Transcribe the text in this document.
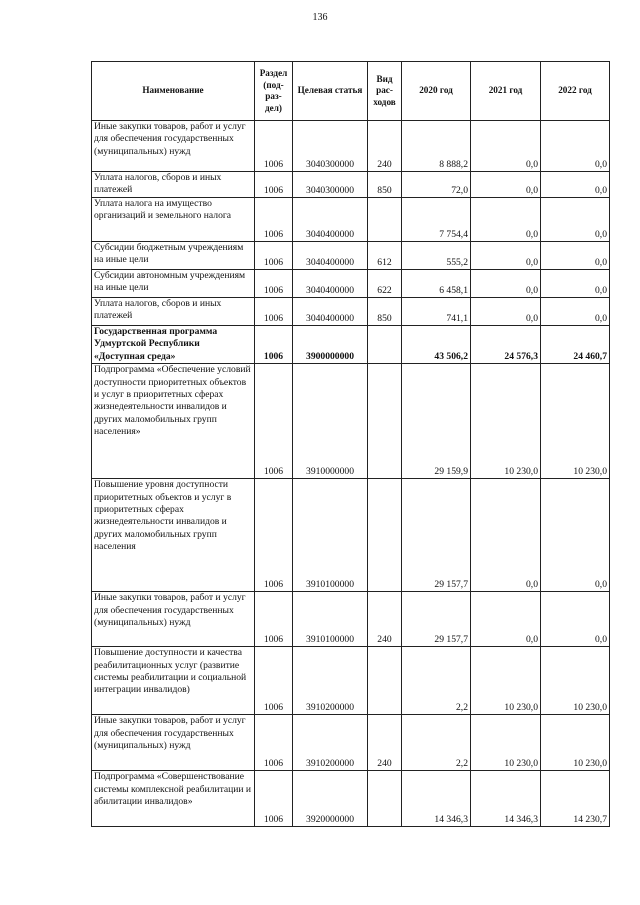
136
Наименование	Раздел (под-раз-дел)	Целевая статья	Вид рас-ходов	2020 год	2021 год	2022 год
Иные закупки товаров, работ и услуг для обеспечения государственных (муниципальных) нужд	1006	3040300000	240	8 888,2	0,0	0,0
Уплата налогов, сборов и иных платежей	1006	3040300000	850	72,0	0,0	0,0
Уплата налога на имущество организаций и земельного налога	1006	3040400000		7 754,4	0,0	0,0
Субсидии бюджетным учреждениям на иные цели	1006	3040400000	612	555,2	0,0	0,0
Субсидии автономным учреждениям на иные цели	1006	3040400000	622	6 458,1	0,0	0,0
Уплата налогов, сборов и иных платежей	1006	3040400000	850	741,1	0,0	0,0
Государственная программа Удмуртской Республики «Доступная среда»	1006	3900000000		43 506,2	24 576,3	24 460,7
Подпрограмма «Обеспечение условий доступности приоритетных объектов и услуг в приоритетных сферах жизнедеятельности инвалидов и других маломобильных групп населения»	1006	3910000000		29 159,9	10 230,0	10 230,0
Повышение уровня доступности приоритетных объектов и услуг в приоритетных сферах жизнедеятельности инвалидов и других маломобильных групп населения	1006	3910100000		29 157,7	0,0	0,0
Иные закупки товаров, работ и услуг для обеспечения государственных (муниципальных) нужд	1006	3910100000	240	29 157,7	0,0	0,0
Повышение доступности и качества реабилитационных услуг (развитие системы реабилитации и социальной интеграции инвалидов)	1006	3910200000		2,2	10 230,0	10 230,0
Иные закупки товаров, работ и услуг для обеспечения государственных (муниципальных) нужд	1006	3910200000	240	2,2	10 230,0	10 230,0
Подпрограмма «Совершенствование системы комплексной реабилитации и абилитации инвалидов»	1006	3920000000		14 346,3	14 346,3	14 230,7
